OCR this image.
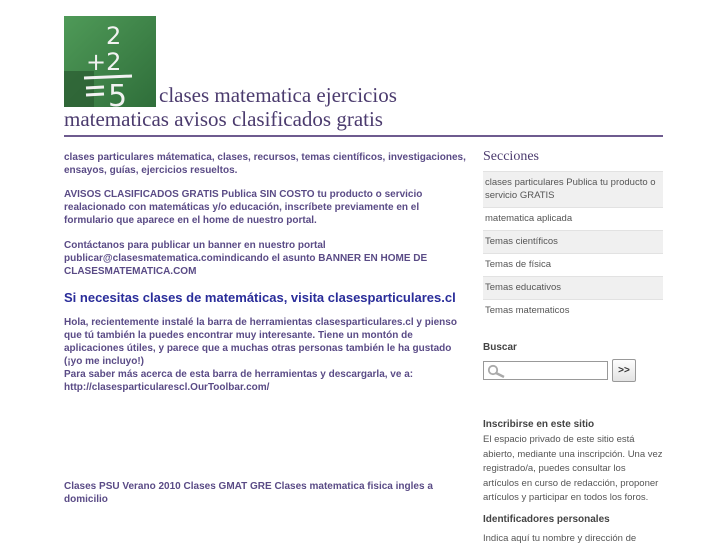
2
+2
5	clases matematica ejercicios
matematicas avisos clasificados gratis

clases particulares mátematica, clases, recursos, temas científicos, investigaciones, ensayos, guías, ejercicios resueltos.

AVISOS CLASIFICADOS GRATIS Publica SIN COSTO tu producto o servicio realacionado con matemáticas y/o educación, inscríbete previamente en el formulario que aparece en el home de nuestro portal.

Contáctanos para publicar un banner en nuestro portal
publicar@clasesmatematica.comindicando el asunto BANNER EN HOME DE CLASESMATEMATICA.COM

Si necesitas clases de matemáticas, visita clasesparticulares.cl

Hola, recientemente instalé la barra de herramientas clasesparticulares.cl y pienso que tú también la puedes encontrar muy interesante. Tiene un montón de aplicaciones útiles, y parece que a muchas otras personas también le ha gustado (¡yo me incluyo!)
Para saber más acerca de esta barra de herramientas y descargarla, ve a:
http://clasesparticularescl.OurToolbar.com/

Clases PSU Verano 2010 Clases GMAT GRE Clases matematica fisica ingles a domicilio
Secciones
clases particulares Publica tu producto o servicio GRATIS
matematica aplicada
Temas científicos
Temas de física
Temas educativos
Temas matematicos
Buscar
>>
Inscribirse en este sitio

El espacio privado de este sitio está abierto, mediante una inscripción. Una vez registrado/a, puedes consultar los artículos en curso de redacción, proponer artículos y participar en todos los foros.

Identificadores personales

Indica aquí tu nombre y dirección de
